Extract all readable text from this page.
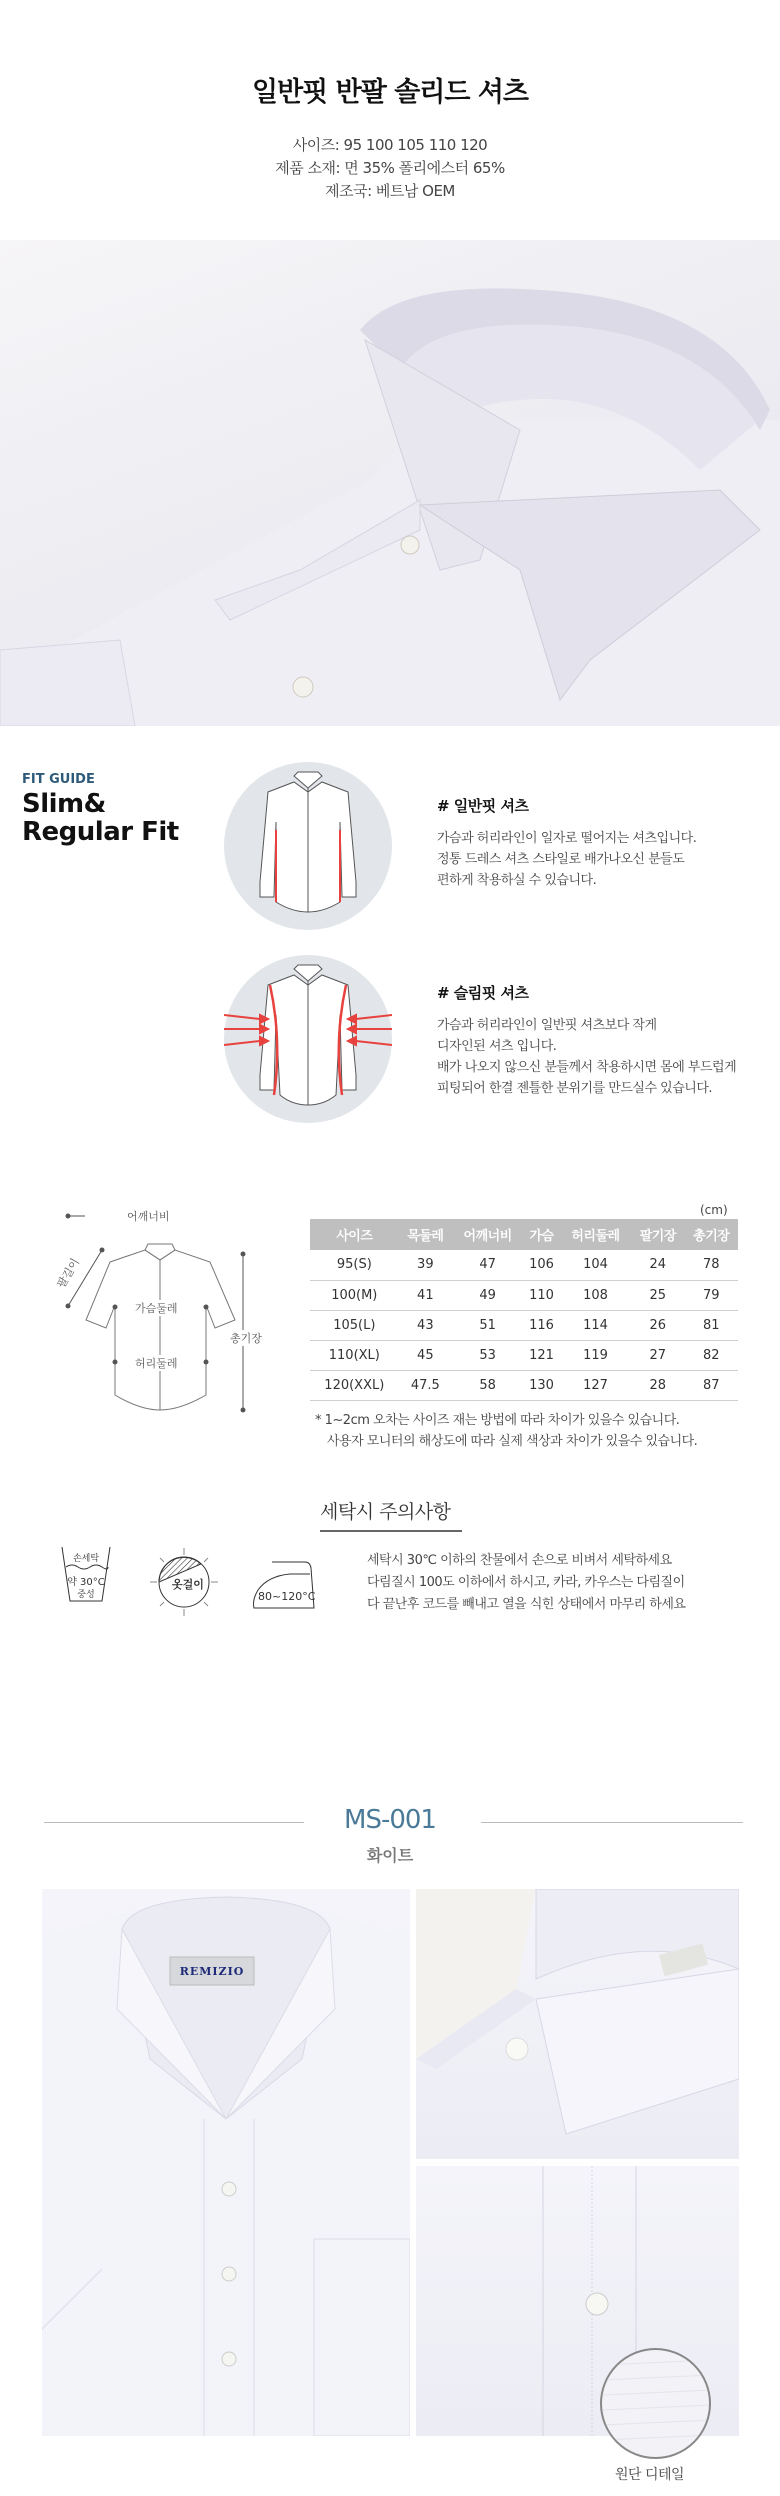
일반핏 반팔 솔리드 셔츠
사이즈: 95 100 105 110 120
제품 소재: 면 35% 폴리에스터 65%
제조국: 베트남 OEM
FIT GUIDE
Slim&
Regular Fit
# 일반핏 셔츠
가슴과 허리라인이 일자로 떨어지는 셔츠입니다.
정통 드레스 셔츠 스타일로 배가나오신 분들도
편하게 착용하실 수 있습니다.
# 슬림핏 셔츠
가슴과 허리라인이 일반핏 셔츠보다 작게
디자인된 셔츠 입니다.
배가 나오지 않으신 분들께서 착용하시면 몸에 부드럽게
피팅되어 한결 젠틀한 분위기를 만드실수 있습니다.
어깨너비
팔길이
가슴둘레
허리둘레
총기장
(cm)
사이즈	목둘레	어깨너비	가슴	허리둘레	팔기장	총기장
95(S)	39	47	106	104	24	78
100(M)	41	49	110	108	25	79
105(L)	43	51	116	114	26	81
110(XL)	45	53	121	119	27	82
120(XXL)	47.5	58	130	127	28	87
* 1~2cm 오차는 사이즈 재는 방법에 따라 차이가 있을수 있습니다.
사용자 모니터의 해상도에 따라 실제 색상과 차이가 있을수 있습니다.
세탁시 주의사항
손세탁
약 30°C
중성
옷걸이
80~120°C
세탁시 30℃ 이하의 찬물에서 손으로 비벼서 세탁하세요
다림질시 100도 이하에서 하시고, 카라, 카우스는 다림질이
다 끝난후 코드를 빼내고 열을 식힌 상태에서 마무리 하세요
MS-001
화이트
REMIZIO
원단 디테일
